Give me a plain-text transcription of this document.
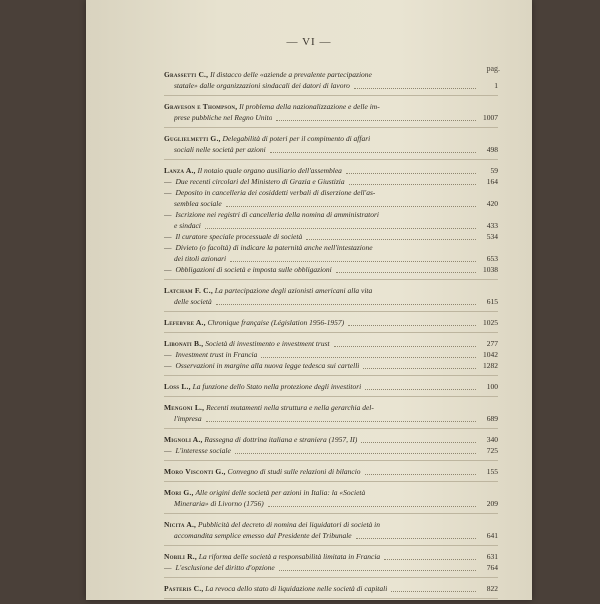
— VI —
pag.
Grassetti C., Il distacco delle «aziende a prevalente partecipazione
statale» dalle organizzazioni sindacali dei datori di lavoro	1
Graveson e Thompson, Il problema della nazionalizzazione e delle im-
prese pubbliche nel Regno Unito	1007
Guglielmetti G., Delegabilità di poteri per il compimento di affari
sociali nelle società per azioni	498
Lanza A., Il notaio quale organo ausiliario dell'assemblea	59
— Due recenti circolari del Ministero di Grazia e Giustizia	164
— Deposito in cancelleria dei cosiddetti verbali di diserzione dell'as-
semblea sociale	420
— Iscrizione nei registri di cancelleria della nomina di amministratori
e sindaci	433
— Il curatore speciale processuale di società	534
— Divieto (o facoltà) di indicare la paternità anche nell'intestazione
dei titoli azionari	653
— Obbligazioni di società e imposta sulle obbligazioni	1038
Latcham F. C., La partecipazione degli azionisti americani alla vita
delle società	615
Lefebvre A., Chronique française (Législation 1956-1957)	1025
Libonati B., Società di investimento e investment trust	277
— Investment trust in Francia	1042
— Osservazioni in margine alla nuova legge tedesca sui cartelli	1282
Loss L., La funzione dello Stato nella protezione degli investitori	100
Mengoni L., Recenti mutamenti nella struttura e nella gerarchia del-
l'impresa	689
Mignoli A., Rassegna di dottrina italiana e straniera (1957, II)	340
— L'interesse sociale	725
Moro Visconti G., Convegno di studi sulle relazioni di bilancio	155
Mori G., Alle origini delle società per azioni in Italia: la «Società
Mineraria» di Livorno (1756)	209
Nicita A., Pubblicità del decreto di nomina dei liquidatori di società in
accomandita semplice emesso dal Presidente del Tribunale	641
Nobili R., La riforma delle società a responsabilità limitata in Francia	631
— L'esclusione del diritto d'opzione	764
Pasteris C., La revoca dello stato di liquidazione nelle società di capitali	822
